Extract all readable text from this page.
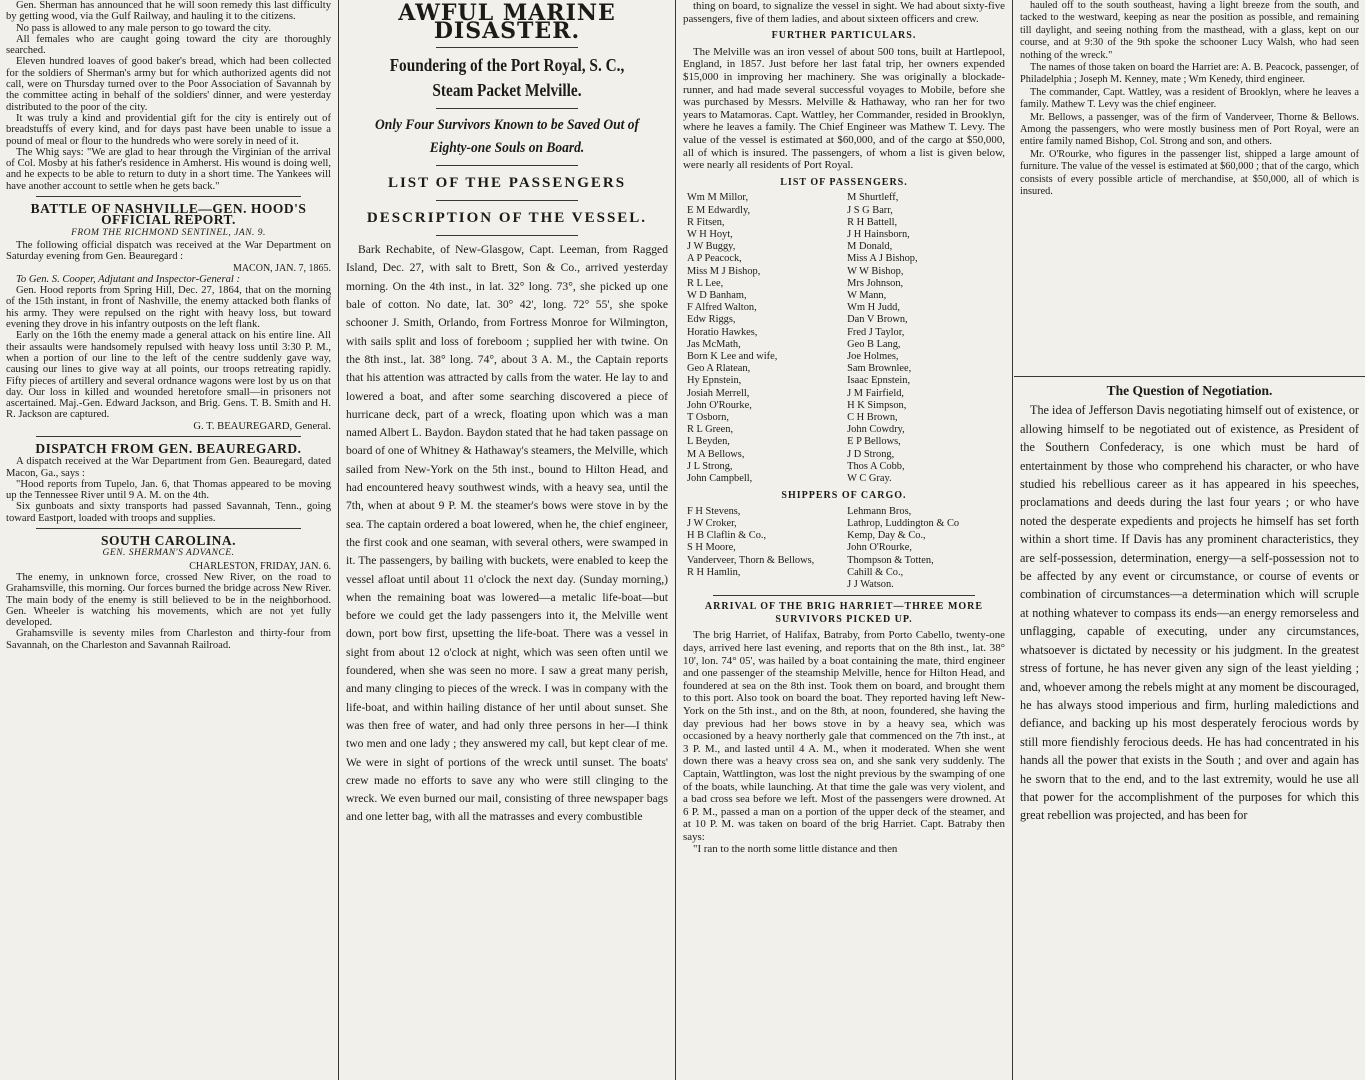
Gen. Sherman has announced that he will soon remedy this last difficulty by getting wood, via the Gulf Railway, and hauling it to the citizens.

No pass is allowed to any male person to go toward the city.

All females who are caught going toward the city are thoroughly searched.

Eleven hundred loaves of good baker's bread, which had been collected for the soldiers of Sherman's army but for which authorized agents did not call, were on Thursday turned over to the Poor Association of Savannah by the committee acting in behalf of the soldiers' dinner, and were yesterday distributed to the poor of the city.

It was truly a kind and providential gift for the city is entirely out of breadstuffs of every kind, and for days past have been unable to issue a pound of meal or flour to the hundreds who were sorely in need of it.

The Whig says: "We are glad to hear through the Virginian of the arrival of Col. Mosby at his father's residence in Amherst. His wound is doing well, and he expects to be able to return to duty in a short time. The Yankees will have another account to settle when he gets back."

BATTLE OF NASHVILLE—GEN. HOOD'S OFFICIAL REPORT.
FROM THE RICHMOND SENTINEL, JAN. 9.

The following official dispatch was received at the War Department on Saturday evening from Gen. Beauregard :

MACON, JAN. 7, 1865.

To Gen. S. Cooper, Adjutant and Inspector-General :

Gen. Hood reports from Spring Hill, Dec. 27, 1864, that on the morning of the 15th instant, in front of Nashville, the enemy attacked both flanks of his army. They were repulsed on the right with heavy loss, but toward evening they drove in his infantry outposts on the left flank.

Early on the 16th the enemy made a general attack on his entire line. All their assaults were handsomely repulsed with heavy loss until 3:30 P. M., when a portion of our line to the left of the centre suddenly gave way, causing our lines to give way at all points, our troops retreating rapidly. Fifty pieces of artillery and several ordnance wagons were lost by us on that day. Our loss in killed and wounded heretofore small—in prisoners not ascertained. Maj.-Gen. Edward Jackson, and Brig. Gens. T. B. Smith and H. R. Jackson are captured.

G. T. BEAUREGARD, General.

DISPATCH FROM GEN. BEAUREGARD.

A dispatch received at the War Department from Gen. Beauregard, dated Macon, Ga., says :

"Hood reports from Tupelo, Jan. 6, that Thomas appeared to be moving up the Tennessee River until 9 A. M. on the 4th.

Six gunboats and sixty transports had passed Savannah, Tenn., going toward Eastport, loaded with troops and supplies.

SOUTH CAROLINA.
GEN. SHERMAN'S ADVANCE.
CHARLESTON, FRIDAY, JAN. 6.

The enemy, in unknown force, crossed New River, on the road to Grahamsville, this morning. Our forces burned the bridge across New River. The main body of the enemy is still believed to be in the neighborhood. Gen. Wheeler is watching his movements, which are not yet fully developed.

Grahamsville is seventy miles from Charleston and thirty-four from Savannah, on the Charleston and Savannah Railroad.

AWFUL MARINE DISASTER.
Foundering of the Port Royal, S. C., Steam Packet Melville.
Only Four Survivors Known to be Saved Out of Eighty-one Souls on Board.
LIST OF THE PASSENGERS
DESCRIPTION OF THE VESSEL.

Bark Rechabite, of New-Glasgow, Capt. Leeman, from Ragged Island, Dec. 27, with salt to Brett, Son & Co., arrived yesterday morning. On the 4th inst., in lat. 32° long. 73°, she picked up one bale of cotton. No date, lat. 30° 42', long. 72° 55', she spoke schooner J. Smith, Orlando, from Fortress Monroe for Wilmington, with sails split and loss of foreboom ; supplied her with twine. On the 8th inst., lat. 38° long. 74°, about 3 A. M., the Captain reports that his attention was attracted by calls from the water. He lay to and lowered a boat, and after some searching discovered a piece of hurricane deck, part of a wreck, floating upon which was a man named Albert L. Baydon. Baydon stated that he had taken passage on board of one of Whitney & Hathaway's steamers, the Melville, which sailed from New-York on the 5th inst., bound to Hilton Head, and had encountered heavy southwest winds, with a heavy sea, until the 7th, when at about 9 P. M. the steamer's bows were stove in by the sea. The captain ordered a boat lowered, when he, the chief engineer, the first cook and one seaman, with several others, were swamped in it. The passengers, by bailing with buckets, were enabled to keep the vessel afloat until about 11 o'clock the next day. (Sunday morning,) when the remaining boat was lowered—a metalic life-boat—but before we could get the lady passengers into it, the Melville went down, port bow first, upsetting the life-boat. There was a vessel in sight from about 12 o'clock at night, which was seen often until we foundered, when she was seen no more. I saw a great many perish, and many clinging to pieces of the wreck. I was in company with the life-boat, and within hailing distance of her until about sunset. She was then free of water, and had only three persons in her—I think two men and one lady ; they answered my call, but kept clear of me. We were in sight of portions of the wreck until sunset. The boats' crew made no efforts to save any who were still clinging to the wreck. We even burned our mail, consisting of three newspaper bags and one letter bag, with all the matrasses and every combustible

thing on board, to signalize the vessel in sight. We had about sixty-five passengers, five of them ladies, and about sixteen officers and crew.

FURTHER PARTICULARS.

The Melville was an iron vessel of about 500 tons, built at Hartlepool, England, in 1857. Just before her last fatal trip, her owners expended $15,000 in improving her machinery. She was originally a blockade-runner, and had made several successful voyages to Mobile, before she was purchased by Messrs. Melville & Hathaway, who ran her for two years to Matamoras. Capt. Wattley, her Commander, resided in Brooklyn, where he leaves a family. The Chief Engineer was Mathew T. Levy. The value of the vessel is estimated at $60,000, and of the cargo at $50,000, all of which is insured. The passengers, of whom a list is given below, were nearly all residents of Port Royal.

LIST OF PASSENGERS.
Wm M Millor,
E M Edwardly,
R Fitsen,
W H Hoyt,
J W Buggy,
A P Peacock,
Miss M J Bishop,
R L Lee,
W D Banham,
F Alfred Walton,
Edw Riggs,
Horatio Hawkes,
Jas McMath,
Born K Lee and wife,
Geo A Rlatean,
Hy Epnstein,
Josiah Merrell,
John O'Rourke,
T Osborn,
R L Green,
L Beyden,
M A Bellows,
J L Strong,
John Campbell,
M Shurtleff,
J S G Barr,
R H Battell,
J H Hainsborn,
M Donald,
Miss A J Bishop,
W W Bishop,
Mrs Johnson,
W Mann,
Wm H Judd,
Dan V Brown,
Fred J Taylor,
Geo B Lang,
Joe Holmes,
Sam Brownlee,
Isaac Epnstein,
J M Fairfield,
H K Simpson,
C H Brown,
John Cowdry,
E P Bellows,
J D Strong,
Thos A Cobb,
W C Gray.
SHIPPERS OF CARGO.
F H Stevens,
J W Croker,
H B Claflin & Co.,
S H Moore,
Vanderveer, Thorn & Bellows,
R H Hamlin,
Lehmann Bros,
Lathrop, Luddington & Co
Kemp, Day & Co.,
John O'Rourke,
Thompson & Totten,
Cahill & Co.,
J J Watson.
ARRIVAL OF THE BRIG HARRIET—THREE MORE SURVIVORS PICKED UP.

The brig Harriet, of Halifax, Batraby, from Porto Cabello, twenty-one days, arrived here last evening, and reports that on the 8th inst., lat. 38° 10', lon. 74° 05', was hailed by a boat containing the mate, third engineer and one passenger of the steamship Melville, hence for Hilton Head, and foundered at sea on the 8th inst. Took them on board, and brought them to this port. Also took on board the boat. They reported having left New-York on the 5th inst., and on the 8th, at noon, foundered, she having the day previous had her bows stove in by a heavy sea, which was occasioned by a heavy northerly gale that commenced on the 7th inst., at 3 P. M., and lasted until 4 A. M., when it moderated. When she went down there was a heavy cross sea on, and she sank very suddenly. The Captain, Wattlington, was lost the night previous by the swamping of one of the boats, while launching. At that time the gale was very violent, and a bad cross sea before we left. Most of the passengers were drowned. At 6 P. M., passed a man on a portion of the upper deck of the steamer, and at 10 P. M. was taken on board of the brig Harriet. Capt. Batraby then says:

"I ran to the north some little distance and then

hauled off to the south southeast, having a light breeze from the south, and tacked to the westward, keeping as near the position as possible, and remaining till daylight, and seeing nothing from the masthead, with a glass, kept on our course, and at 9:30 of the 9th spoke the schooner Lucy Walsh, who had seen nothing of the wreck."

The names of those taken on board the Harriet are: A. B. Peacock, passenger, of Philadelphia ; Joseph M. Kenney, mate ; Wm Kenedy, third engineer.

The commander, Capt. Wattley, was a resident of Brooklyn, where he leaves a family. Mathew T. Levy was the chief engineer.

Mr. Bellows, a passenger, was of the firm of Vanderveer, Thorne & Bellows. Among the passengers, who were mostly business men of Port Royal, were an entire family named Bishop, Col. Strong and son, and others.

Mr. O'Rourke, who figures in the passenger list, shipped a large amount of furniture. The value of the vessel is estimated at $60,000 ; that of the cargo, which consists of every possible article of merchandise, at $50,000, all of which is insured.

The Question of Negotiation.

The idea of Jefferson Davis negotiating himself out of existence, or allowing himself to be negotiated out of existence, as President of the Southern Confederacy, is one which must be hard of entertainment by those who comprehend his character, or who have studied his rebellious career as it has appeared in his speeches, proclamations and deeds during the last four years ; or who have noted the desperate expedients and projects he himself has set forth within a short time. If Davis has any prominent characteristics, they are self-possession, determination, energy—a self-possession not to be affected by any event or circumstance, or course of events or combination of circumstances—a determination which will scruple at nothing whatever to compass its ends—an energy remorseless and unflagging, capable of executing, under any circumstances, whatsoever is dictated by necessity or his judgment. In the greatest stress of fortune, he has never given any sign of the least yielding ; and, whoever among the rebels might at any moment be discouraged, he has always stood imperious and firm, hurling maledictions and defiance, and backing up his most desperately ferocious words by still more fiendishly ferocious deeds. He has had concentrated in his hands all the power that exists in the South ; and over and again has he sworn that to the end, and to the last extremity, would he use all that power for the accomplishment of the purposes for which this great rebellion was projected, and has been for
